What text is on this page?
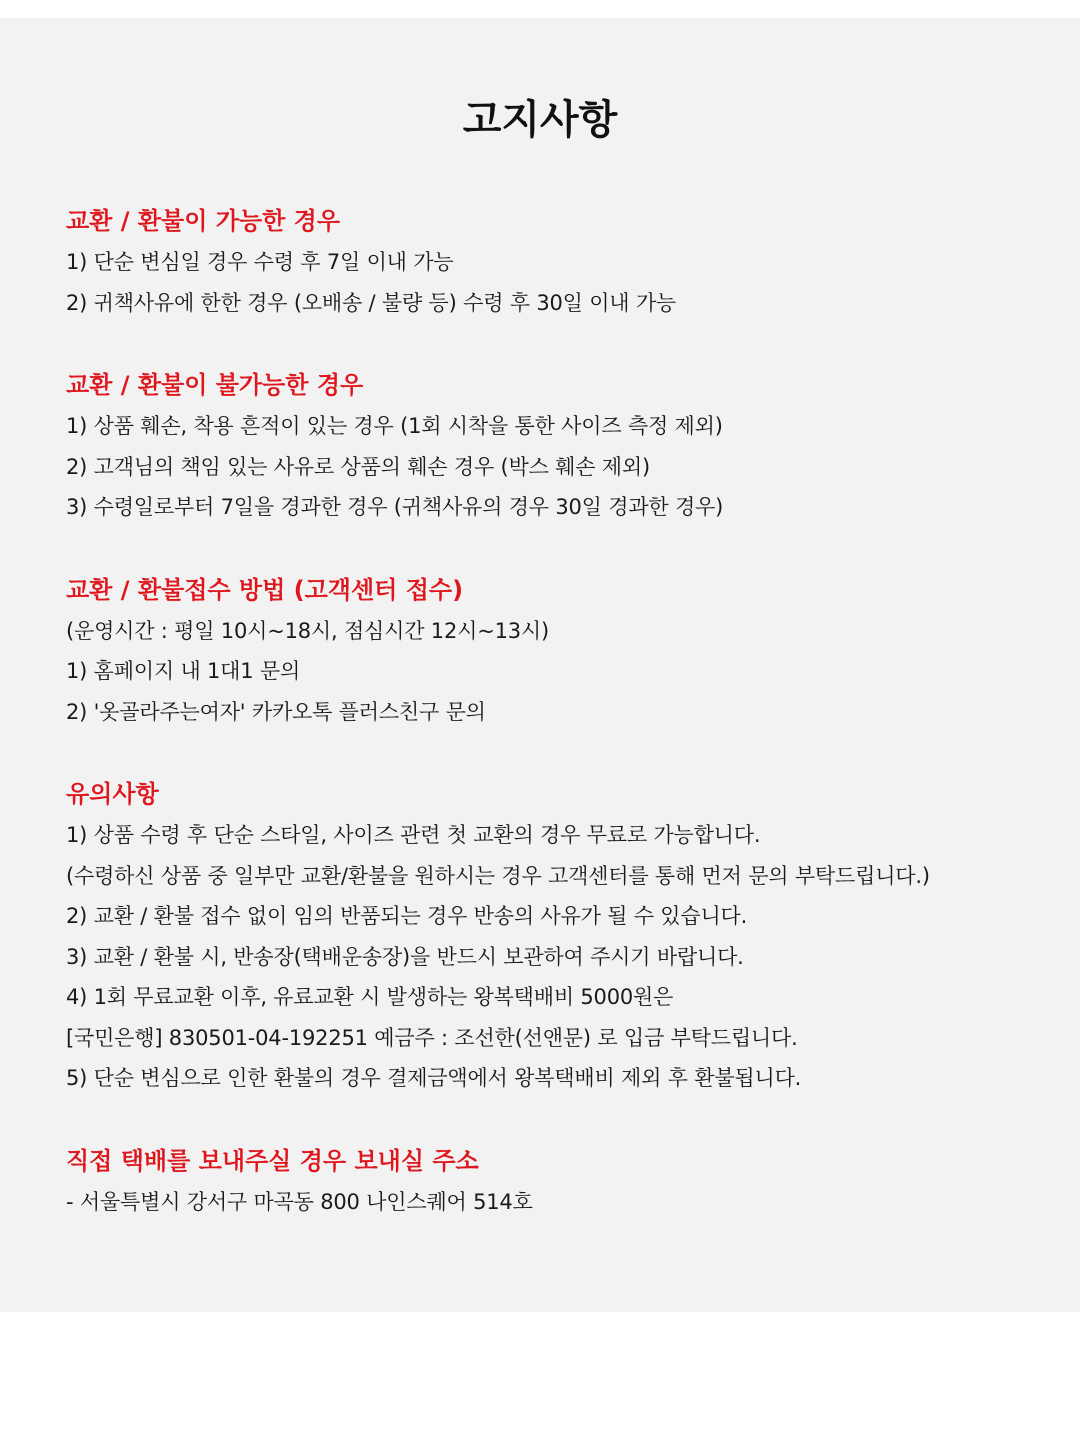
고지사항

교환 / 환불이 가능한 경우

1) 단순 변심일 경우 수령 후 7일 이내 가능

2) 귀책사유에 한한 경우 (오배송 / 불량 등) 수령 후 30일 이내 가능

교환 / 환불이 불가능한 경우

1) 상품 훼손, 착용 흔적이 있는 경우 (1회 시착을 통한 사이즈 측정 제외)

2) 고객님의 책임 있는 사유로 상품의 훼손 경우 (박스 훼손 제외)

3) 수령일로부터 7일을 경과한 경우 (귀책사유의 경우 30일 경과한 경우)

교환 / 환불접수 방법 (고객센터 접수)

(운영시간 : 평일 10시~18시, 점심시간 12시~13시)

1) 홈페이지 내 1대1 문의

2) '옷골라주는여자' 카카오톡 플러스친구 문의

유의사항

1) 상품 수령 후 단순 스타일, 사이즈 관련 첫 교환의 경우 무료로 가능합니다.

(수령하신 상품 중 일부만 교환/환불을 원하시는 경우 고객센터를 통해 먼저 문의 부탁드립니다.)

2) 교환 / 환불 접수 없이 임의 반품되는 경우 반송의 사유가 될 수 있습니다.

3) 교환 / 환불 시, 반송장(택배운송장)을 반드시 보관하여 주시기 바랍니다.

4) 1회 무료교환 이후, 유료교환 시 발생하는 왕복택배비 5000원은

[국민은행] 830501-04-192251 예금주 : 조선한(선앤문) 로 입금 부탁드립니다.

5) 단순 변심으로 인한 환불의 경우 결제금액에서 왕복택배비 제외 후 환불됩니다.

직접 택배를 보내주실 경우 보내실 주소

- 서울특별시 강서구 마곡동 800 나인스퀘어 514호
